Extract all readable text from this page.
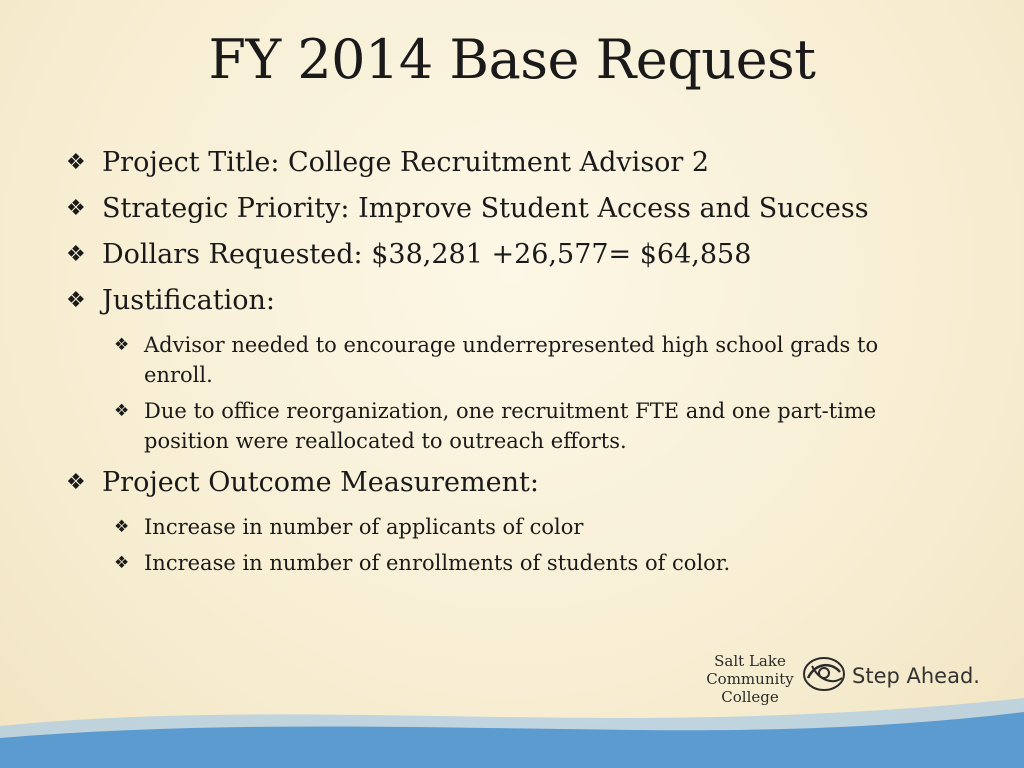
FY 2014 Base Request
❖ Project Title: College Recruitment Advisor 2
❖ Strategic Priority: Improve Student Access and Success
❖ Dollars Requested: $38,281 +26,577= $64,858
❖ Justification:
❖ Advisor needed to encourage underrepresented high school grads to enroll.
❖ Due to office reorganization, one recruitment FTE and one part-time position were reallocated to outreach efforts.
❖ Project Outcome Measurement:
❖ Increase in number of applicants of color
❖ Increase in number of enrollments of students of color.
Salt Lake
Community
College
Step Ahead.
